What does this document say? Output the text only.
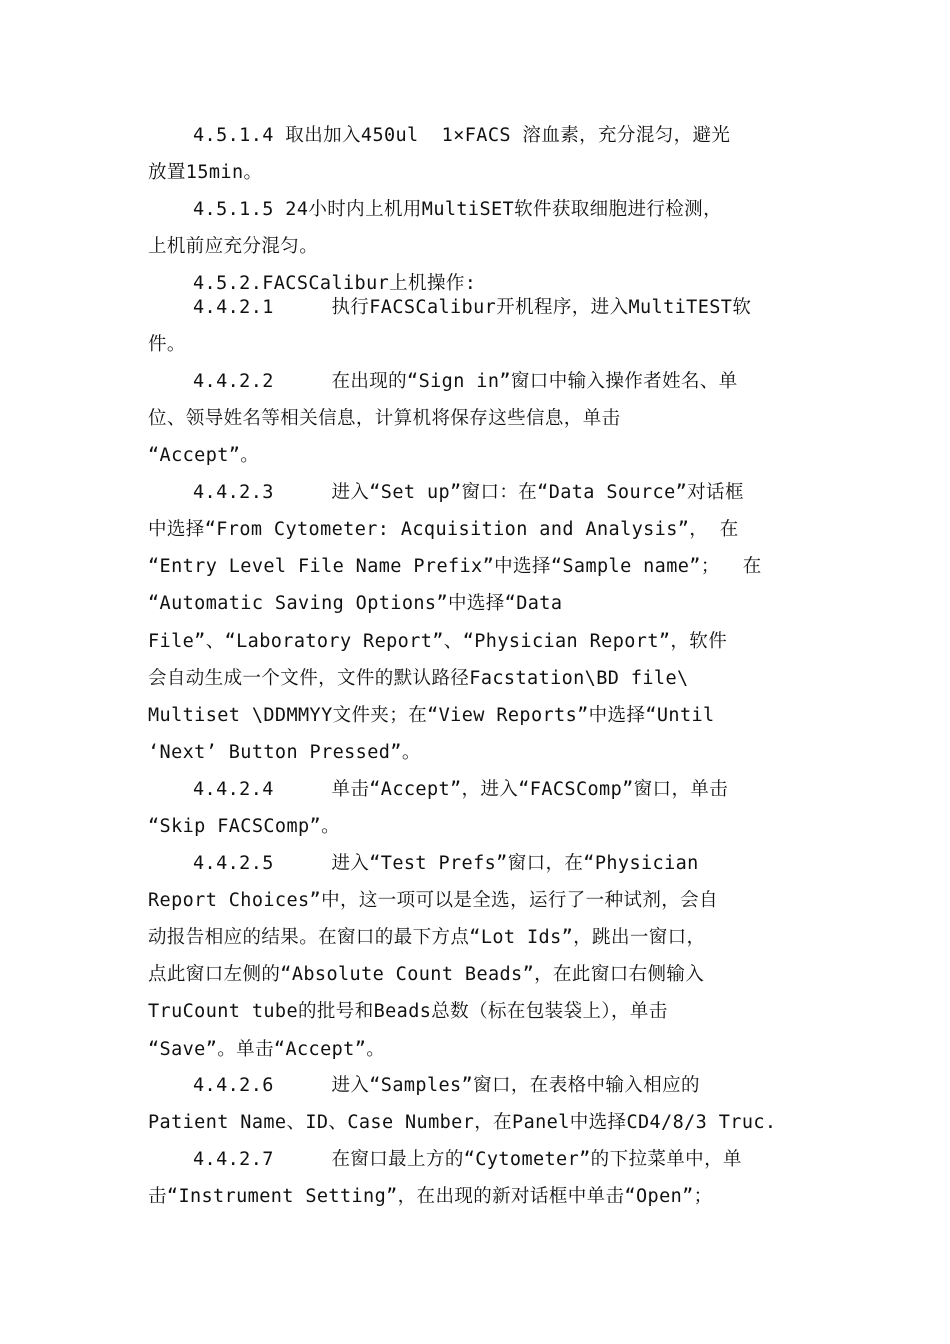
4.5.1.4 取出加入450ul  1×FACS 溶血素，充分混匀，避光
放置15min。
4.5.1.5 24小时内上机用MultiSET软件获取细胞进行检测，
上机前应充分混匀。
4.5.2.FACSCalibur上机操作:
4.4.2.1     执行FACSCalibur开机程序，进入MultiTEST软
件。
4.4.2.2     在出现的“Sign in”窗口中输入操作者姓名、单
位、领导姓名等相关信息，计算机将保存这些信息，单击
“Accept”。
4.4.2.3     进入“Set up”窗口：在“Data Source”对话框
中选择“From Cytometer: Acquisition and Analysis”， 在
“Entry Level File Name Prefix”中选择“Sample name”；  在
“Automatic Saving Options”中选择“Data
File”、“Laboratory Report”、“Physician Report”，软件
会自动生成一个文件，文件的默认路径Facstation\BD file\
Multiset \DDMMYY文件夹；在“View Reports”中选择“Until
‘Next’ Button Pressed”。
4.4.2.4     单击“Accept”，进入“FACSComp”窗口，单击
“Skip FACSComp”。
4.4.2.5     进入“Test Prefs”窗口，在“Physician
Report Choices”中，这一项可以是全选，运行了一种试剂，会自
动报告相应的结果。在窗口的最下方点“Lot Ids”，跳出一窗口，
点此窗口左侧的“Absolute Count Beads”，在此窗口右侧输入
TruCount tube的批号和Beads总数（标在包装袋上），单击
“Save”。单击“Accept”。
4.4.2.6     进入“Samples”窗口，在表格中输入相应的
Patient Name、ID、Case Number，在Panel中选择CD4/8/3 Truc.
4.4.2.7     在窗口最上方的“Cytometer”的下拉菜单中，单
击“Instrument Setting”，在出现的新对话框中单击“Open”；
